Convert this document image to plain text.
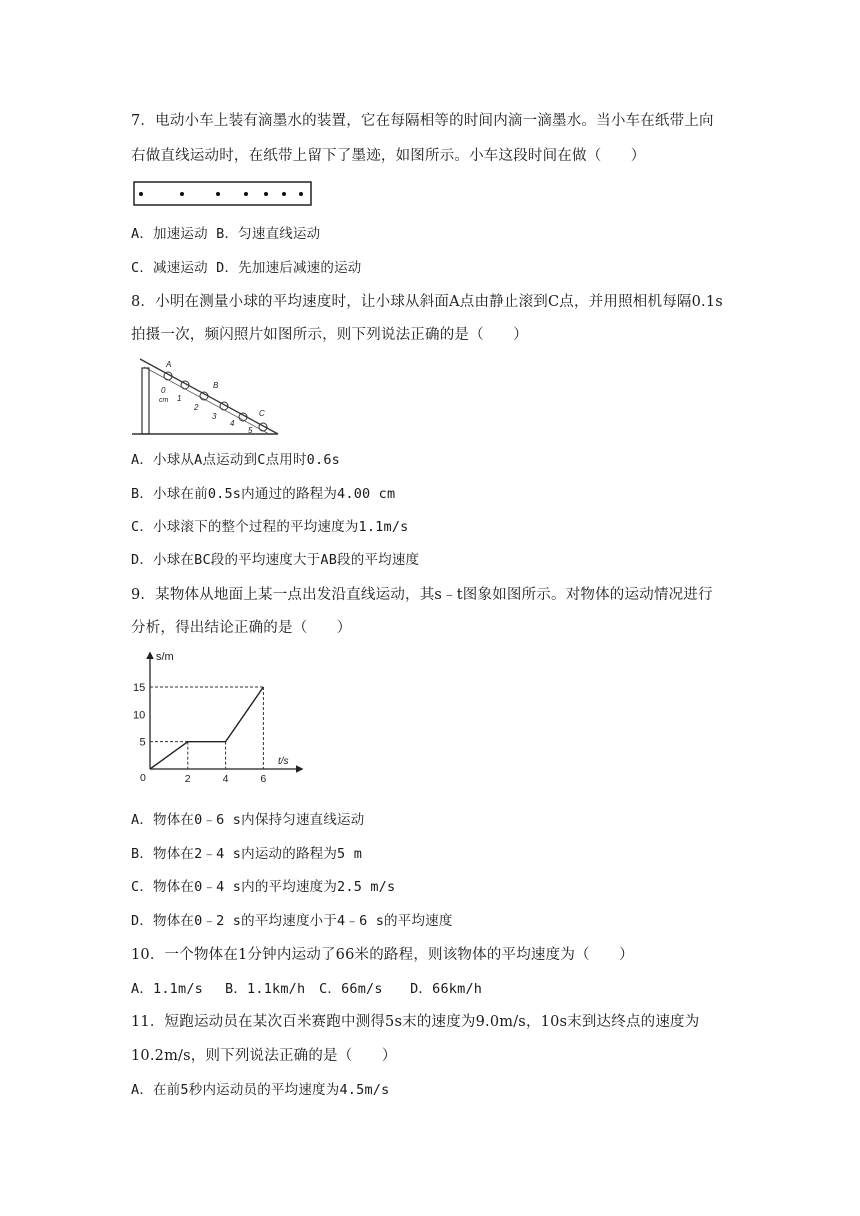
7．电动小车上装有滴墨水的装置，它在每隔相等的时间内滴一滴墨水。当小车在纸带上向
右做直线运动时，在纸带上留下了墨迹，如图所示。小车这段时间在做（　　）
A．加速运动 B．匀速直线运动
C．减速运动 D．先加速后减速的运动
8．小明在测量小球的平均速度时，让小球从斜面A点由静止滚到C点，并用照相机每隔0.1s
拍摄一次，频闪照片如图所示，则下列说法正确的是（　　）
A
B
C
0
cm 1
2
3
4
5
A．小球从A点运动到C点用时0.6s
B．小球在前0.5s内通过的路程为4.00 cm
C．小球滚下的整个过程的平均速度为1.1m/s
D．小球在BC段的平均速度大于AB段的平均速度
9．某物体从地面上某一点出发沿直线运动，其s﹣t图象如图所示。对物体的运动情况进行
分析，得出结论正确的是（　　）
s/m
t/s
0	2	4	6
5
10
15
A．物体在0﹣6 s内保持匀速直线运动
B．物体在2﹣4 s内运动的路程为5 m
C．物体在0﹣4 s内的平均速度为2.5 m/s
D．物体在0﹣2 s的平均速度小于4﹣6 s的平均速度
10．一个物体在1分钟内运动了66米的路程，则该物体的平均速度为（　　）
A．1.1m/s　 B．1.1km/h　C．66m/s　　D．66km/h
11．短跑运动员在某次百米赛跑中测得5s末的速度为9.0m/s，10s末到达终点的速度为
10.2m/s，则下列说法正确的是（　　）
A．在前5秒内运动员的平均速度为4.5m/s
